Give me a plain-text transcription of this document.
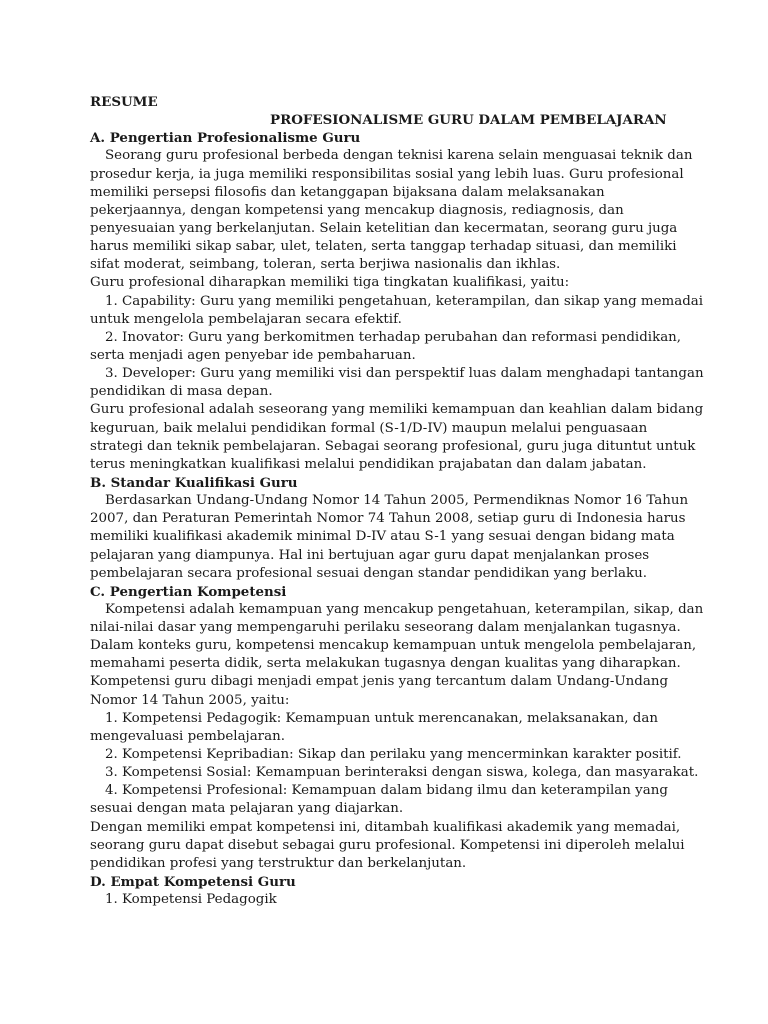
RESUME
PROFESIONALISME GURU DALAM PEMBELAJARAN
A. Pengertian Profesionalisme Guru
Seorang guru profesional berbeda dengan teknisi karena selain menguasai teknik dan
prosedur kerja, ia juga memiliki responsibilitas sosial yang lebih luas. Guru profesional
memiliki persepsi filosofis dan ketanggapan bijaksana dalam melaksanakan
pekerjaannya, dengan kompetensi yang mencakup diagnosis, rediagnosis, dan
penyesuaian yang berkelanjutan. Selain ketelitian dan kecermatan, seorang guru juga
harus memiliki sikap sabar, ulet, telaten, serta tanggap terhadap situasi, dan memiliki
sifat moderat, seimbang, toleran, serta berjiwa nasionalis dan ikhlas.
Guru profesional diharapkan memiliki tiga tingkatan kualifikasi, yaitu:
1. Capability: Guru yang memiliki pengetahuan, keterampilan, dan sikap yang memadai
untuk mengelola pembelajaran secara efektif.
2. Inovator: Guru yang berkomitmen terhadap perubahan dan reformasi pendidikan,
serta menjadi agen penyebar ide pembaharuan.
3. Developer: Guru yang memiliki visi dan perspektif luas dalam menghadapi tantangan
pendidikan di masa depan.
Guru profesional adalah seseorang yang memiliki kemampuan dan keahlian dalam bidang
keguruan, baik melalui pendidikan formal (S-1/D-IV) maupun melalui penguasaan
strategi dan teknik pembelajaran. Sebagai seorang profesional, guru juga dituntut untuk
terus meningkatkan kualifikasi melalui pendidikan prajabatan dan dalam jabatan.
B. Standar Kualifikasi Guru
Berdasarkan Undang-Undang Nomor 14 Tahun 2005, Permendiknas Nomor 16 Tahun
2007, dan Peraturan Pemerintah Nomor 74 Tahun 2008, setiap guru di Indonesia harus
memiliki kualifikasi akademik minimal D-IV atau S-1 yang sesuai dengan bidang mata
pelajaran yang diampunya. Hal ini bertujuan agar guru dapat menjalankan proses
pembelajaran secara profesional sesuai dengan standar pendidikan yang berlaku.
C. Pengertian Kompetensi
Kompetensi adalah kemampuan yang mencakup pengetahuan, keterampilan, sikap, dan
nilai-nilai dasar yang mempengaruhi perilaku seseorang dalam menjalankan tugasnya.
Dalam konteks guru, kompetensi mencakup kemampuan untuk mengelola pembelajaran,
memahami peserta didik, serta melakukan tugasnya dengan kualitas yang diharapkan.
Kompetensi guru dibagi menjadi empat jenis yang tercantum dalam Undang-Undang
Nomor 14 Tahun 2005, yaitu:
1. Kompetensi Pedagogik: Kemampuan untuk merencanakan, melaksanakan, dan
mengevaluasi pembelajaran.
2. Kompetensi Kepribadian: Sikap dan perilaku yang mencerminkan karakter positif.
3. Kompetensi Sosial: Kemampuan berinteraksi dengan siswa, kolega, dan masyarakat.
4. Kompetensi Profesional: Kemampuan dalam bidang ilmu dan keterampilan yang
sesuai dengan mata pelajaran yang diajarkan.
Dengan memiliki empat kompetensi ini, ditambah kualifikasi akademik yang memadai,
seorang guru dapat disebut sebagai guru profesional. Kompetensi ini diperoleh melalui
pendidikan profesi yang terstruktur dan berkelanjutan.
D. Empat Kompetensi Guru
1. Kompetensi Pedagogik
